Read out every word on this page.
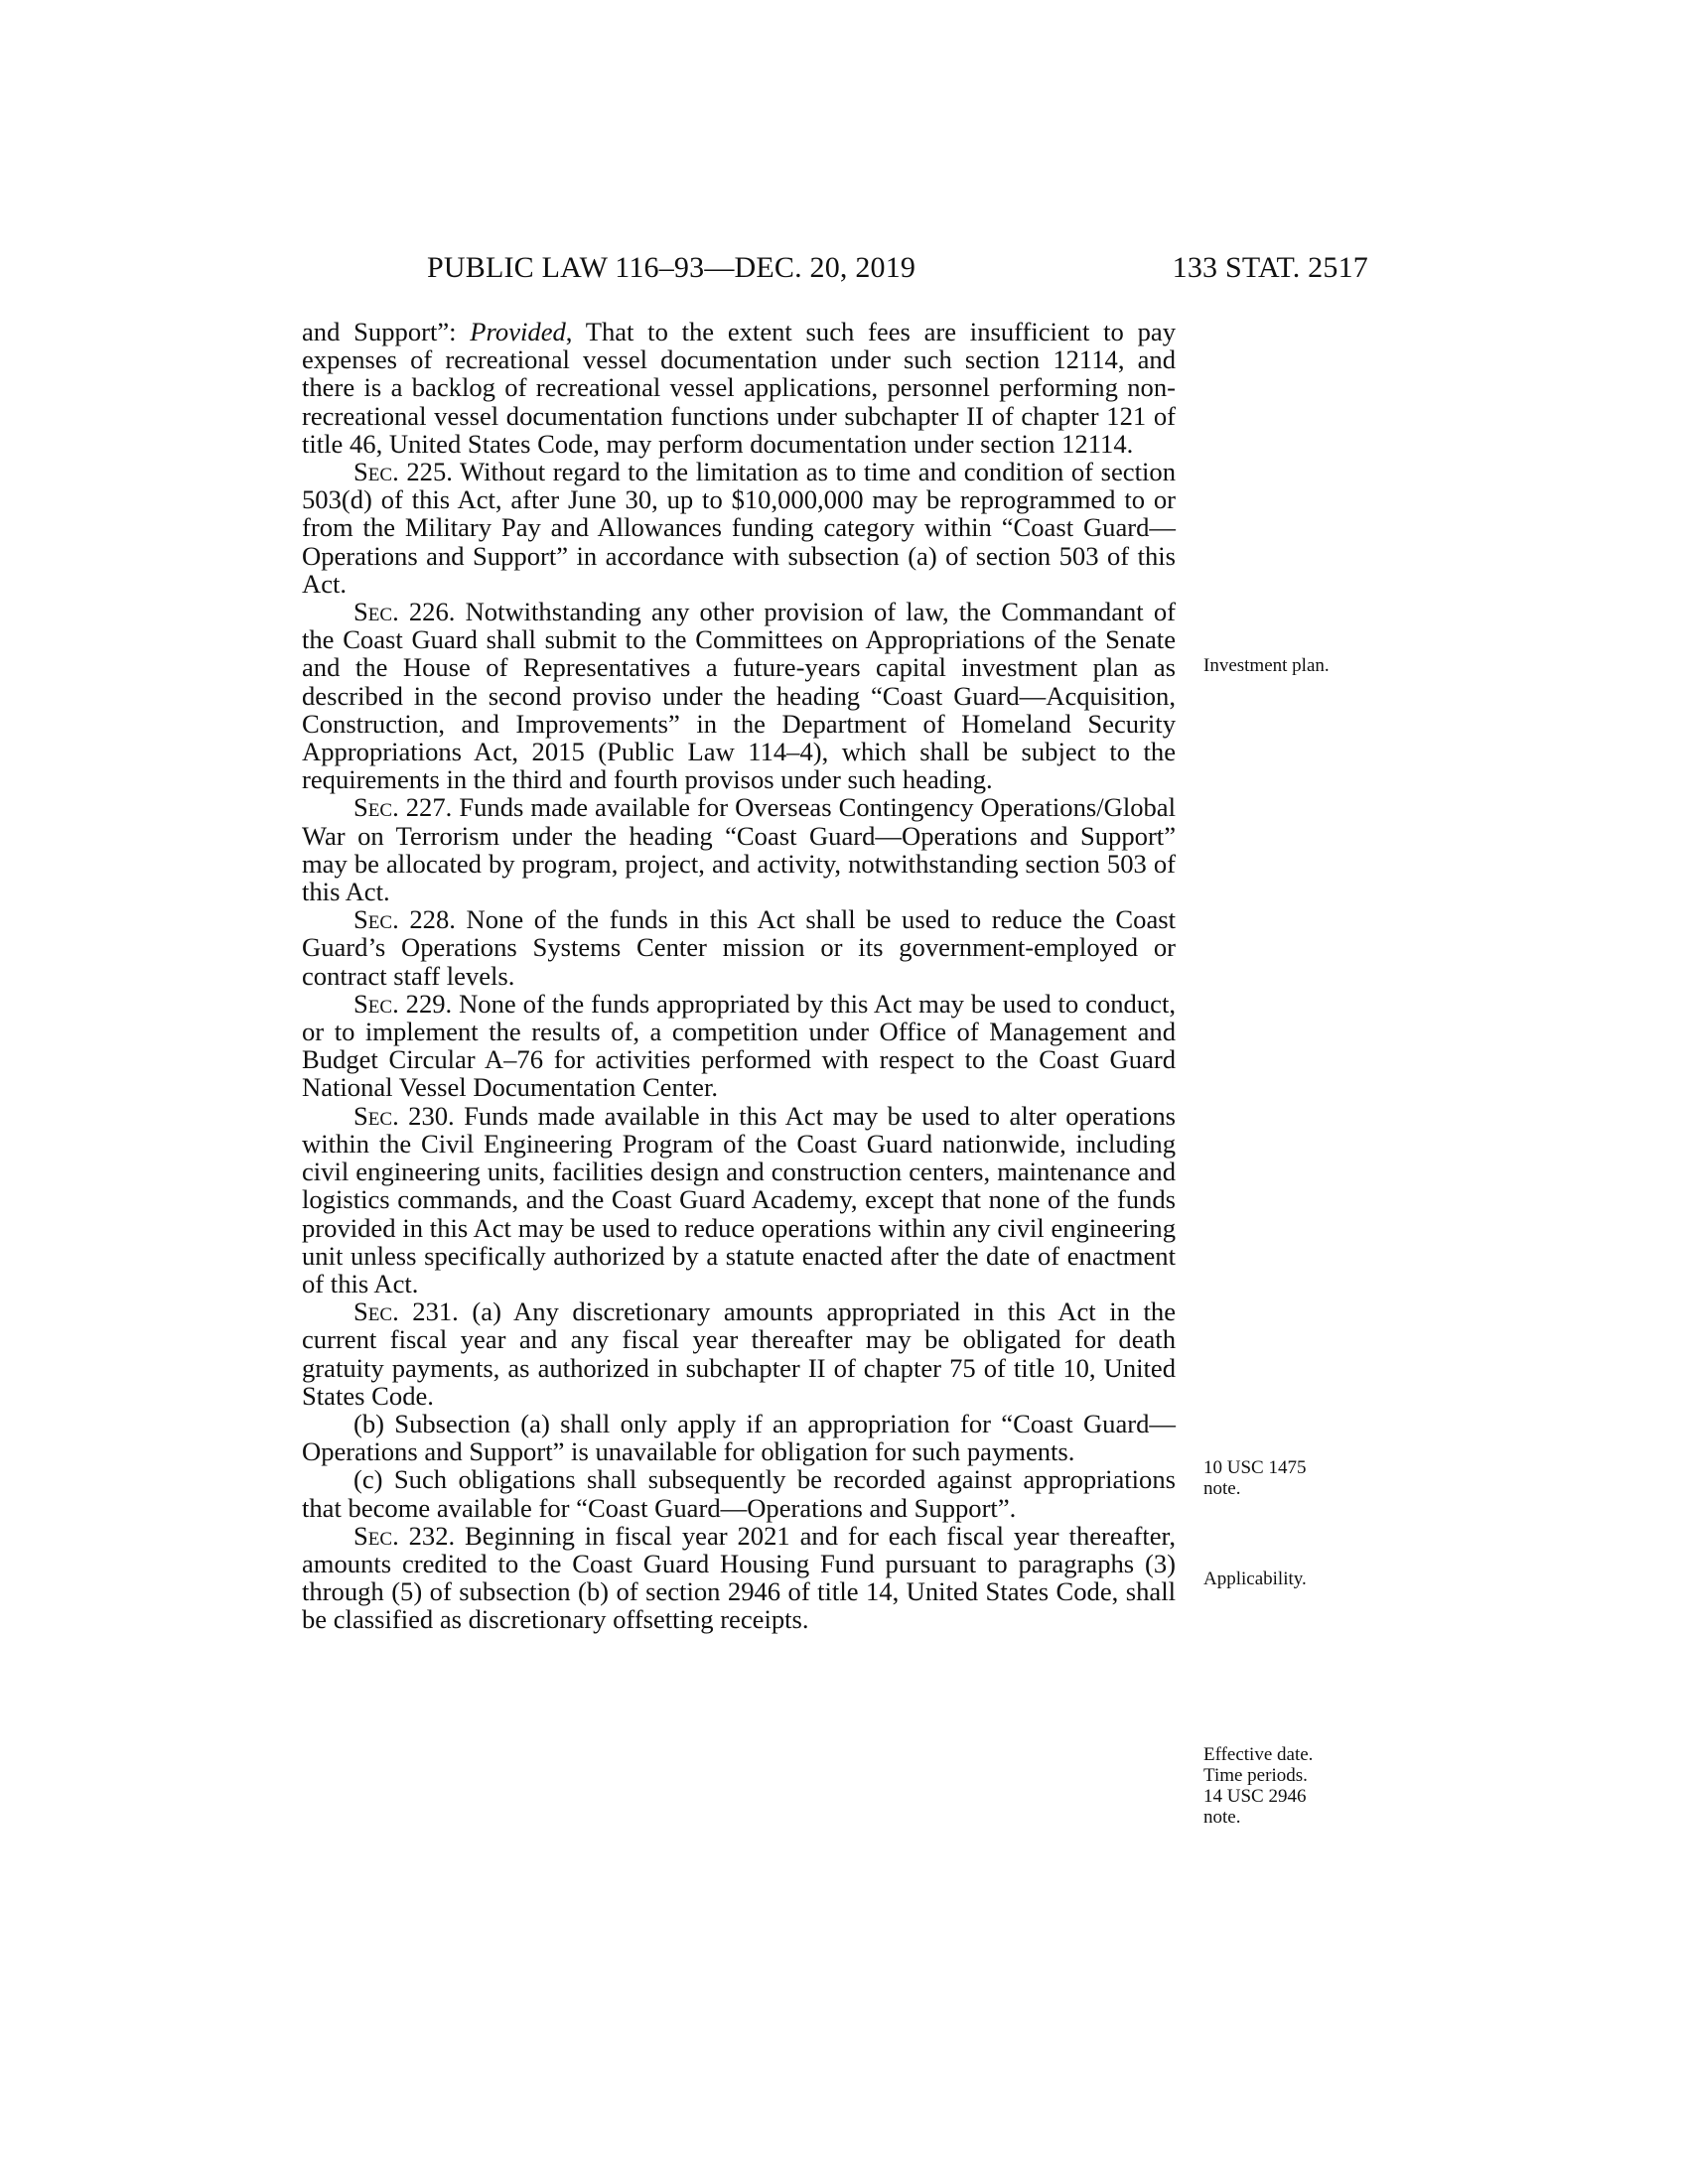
PUBLIC LAW 116–93—DEC. 20, 2019	133 STAT. 2517

and Support”: Provided, That to the extent such fees are insufficient to pay expenses of recreational vessel documentation under such section 12114, and there is a backlog of recreational vessel applications, personnel performing non-recreational vessel documentation functions under subchapter II of chapter 121 of title 46, United States Code, may perform documentation under section 12114.

Sec. 225. Without regard to the limitation as to time and condition of section 503(d) of this Act, after June 30, up to $10,000,000 may be reprogrammed to or from the Military Pay and Allowances funding category within “Coast Guard—Operations and Support” in accordance with subsection (a) of section 503 of this Act.

Sec. 226. Notwithstanding any other provision of law, the Commandant of the Coast Guard shall submit to the Committees on Appropriations of the Senate and the House of Representatives a future-years capital investment plan as described in the second proviso under the heading “Coast Guard—Acquisition, Construction, and Improvements” in the Department of Homeland Security Appropriations Act, 2015 (Public Law 114–4), which shall be subject to the requirements in the third and fourth provisos under such heading.

Sec. 227. Funds made available for Overseas Contingency Operations/Global War on Terrorism under the heading “Coast Guard—Operations and Support” may be allocated by program, project, and activity, notwithstanding section 503 of this Act.

Sec. 228. None of the funds in this Act shall be used to reduce the Coast Guard’s Operations Systems Center mission or its government-employed or contract staff levels.

Sec. 229. None of the funds appropriated by this Act may be used to conduct, or to implement the results of, a competition under Office of Management and Budget Circular A–76 for activities performed with respect to the Coast Guard National Vessel Documentation Center.

Sec. 230. Funds made available in this Act may be used to alter operations within the Civil Engineering Program of the Coast Guard nationwide, including civil engineering units, facilities design and construction centers, maintenance and logistics commands, and the Coast Guard Academy, except that none of the funds provided in this Act may be used to reduce operations within any civil engineering unit unless specifically authorized by a statute enacted after the date of enactment of this Act.

Sec. 231. (a) Any discretionary amounts appropriated in this Act in the current fiscal year and any fiscal year thereafter may be obligated for death gratuity payments, as authorized in subchapter II of chapter 75 of title 10, United States Code.

(b) Subsection (a) shall only apply if an appropriation for “Coast Guard—Operations and Support” is unavailable for obligation for such payments.

(c) Such obligations shall subsequently be recorded against appropriations that become available for “Coast Guard—Operations and Support”.

Sec. 232. Beginning in fiscal year 2021 and for each fiscal year thereafter, amounts credited to the Coast Guard Housing Fund pursuant to paragraphs (3) through (5) of subsection (b) of section 2946 of title 14, United States Code, shall be classified as discretionary offsetting receipts.

Investment plan.
10 USC 1475
note.
Applicability.
Effective date.
Time periods.
14 USC 2946
note.
